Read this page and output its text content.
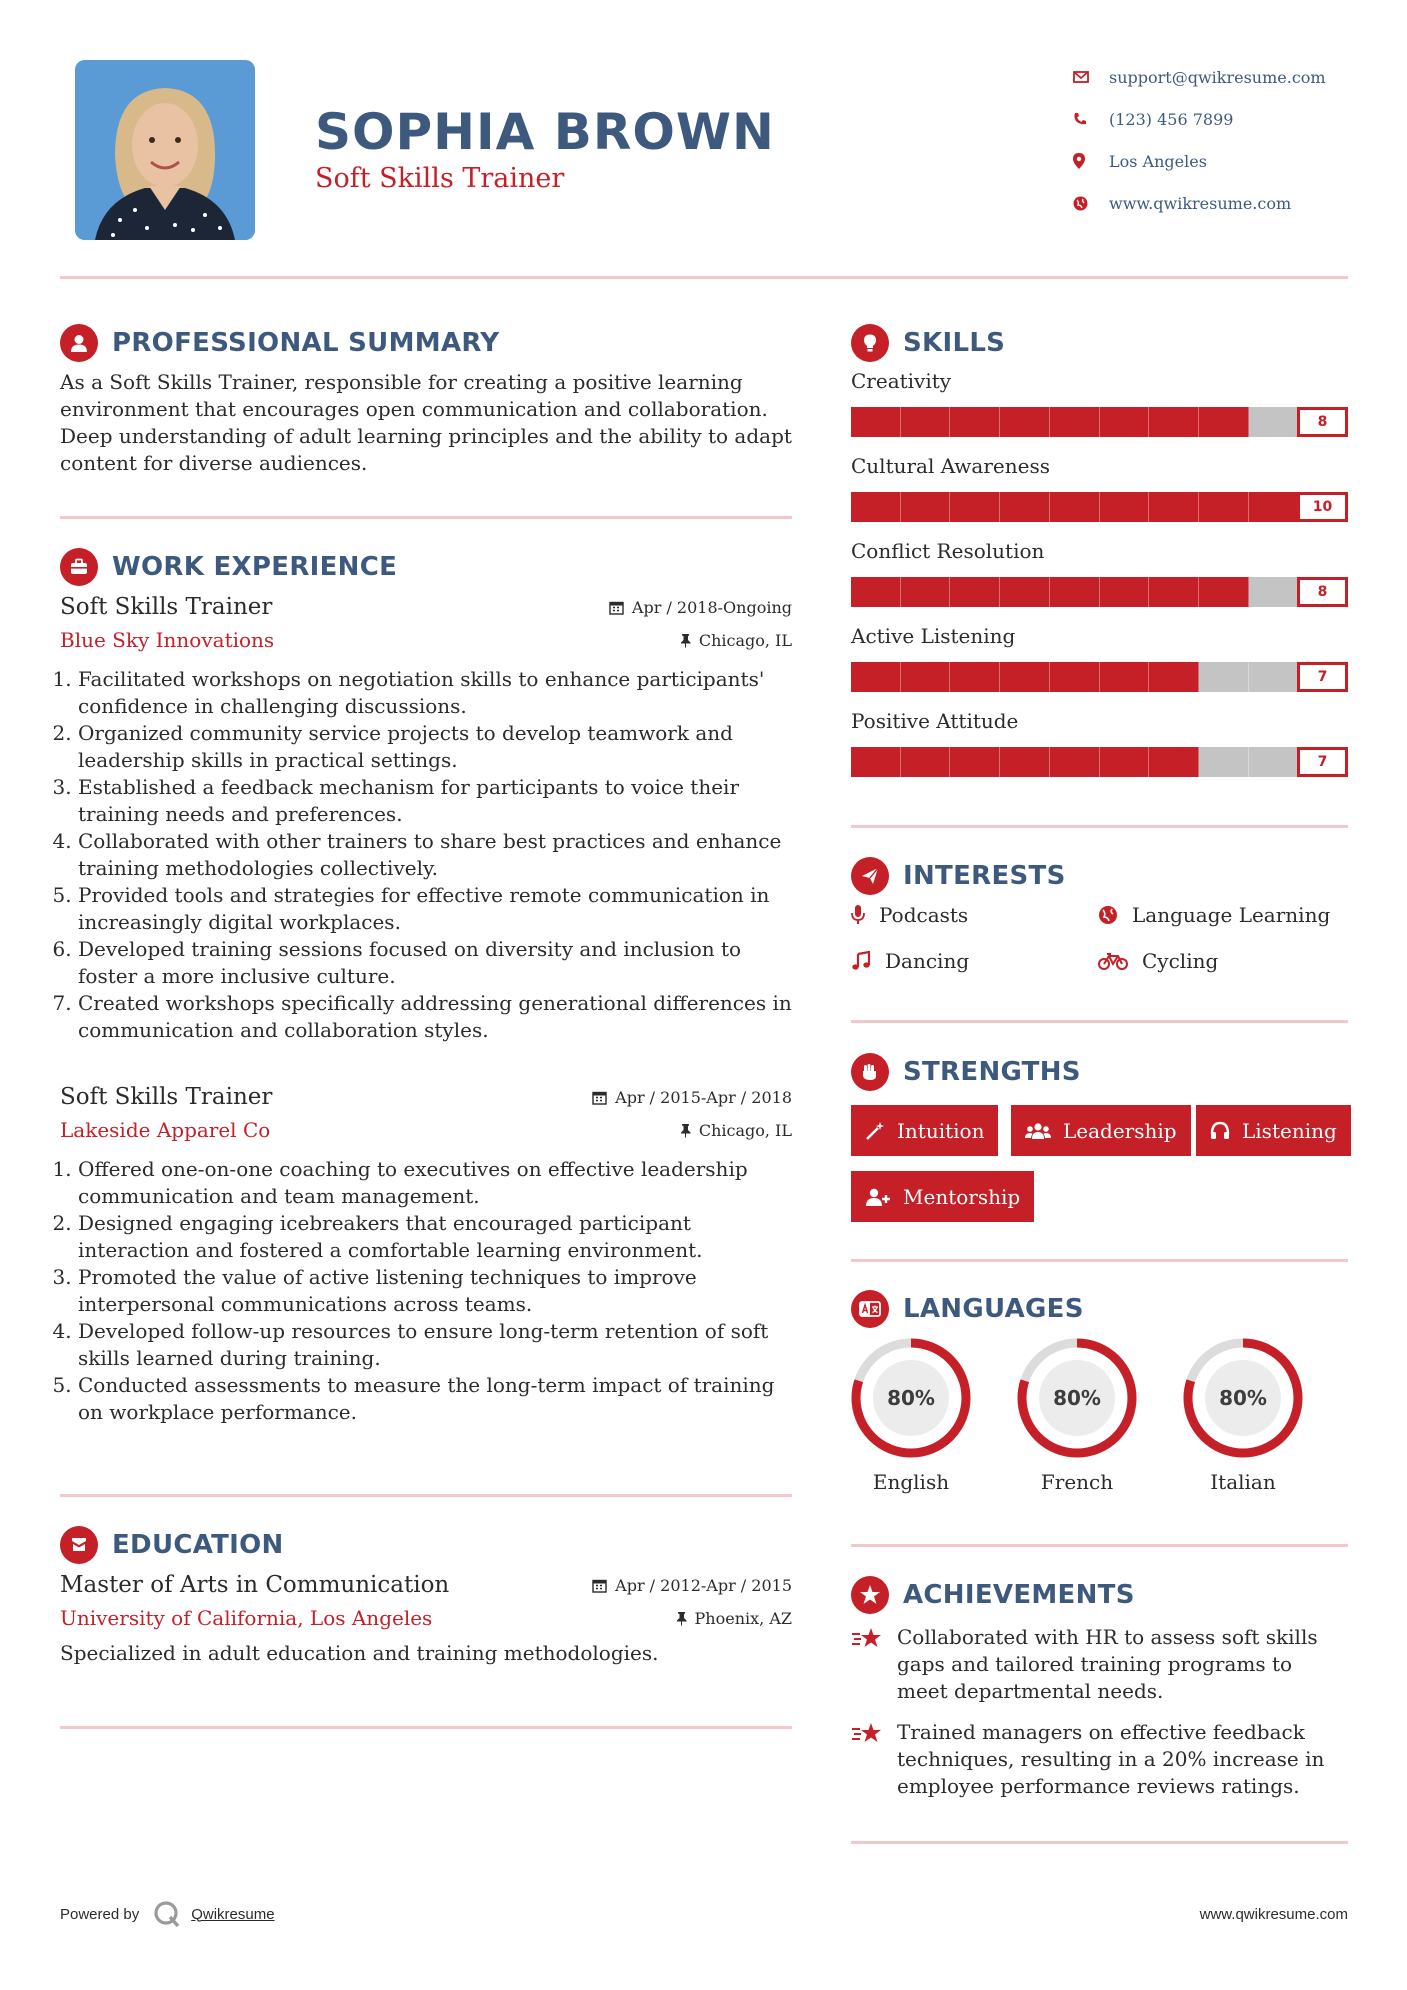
SOPHIA BROWN
Soft Skills Trainer
support@qwikresume.com
(123) 456 7899
Los Angeles
www.qwikresume.com
PROFESSIONAL SUMMARY
As a Soft Skills Trainer, responsible for creating a positive learning environment that encourages open communication and collaboration. Deep understanding of adult learning principles and the ability to adapt content for diverse audiences.
WORK EXPERIENCE
Soft Skills Trainer	Apr / 2018-Ongoing
Blue Sky Innovations	Chicago, IL
1. Facilitated workshops on negotiation skills to enhance participants' confidence in challenging discussions.
2. Organized community service projects to develop teamwork and leadership skills in practical settings.
3. Established a feedback mechanism for participants to voice their training needs and preferences.
4. Collaborated with other trainers to share best practices and enhance training methodologies collectively.
5. Provided tools and strategies for effective remote communication in increasingly digital workplaces.
6. Developed training sessions focused on diversity and inclusion to foster a more inclusive culture.
7. Created workshops specifically addressing generational differences in communication and collaboration styles.
Soft Skills Trainer	Apr / 2015-Apr / 2018
Lakeside Apparel Co	Chicago, IL
1. Offered one-on-one coaching to executives on effective leadership communication and team management.
2. Designed engaging icebreakers that encouraged participant interaction and fostered a comfortable learning environment.
3. Promoted the value of active listening techniques to improve interpersonal communications across teams.
4. Developed follow-up resources to ensure long-term retention of soft skills learned during training.
5. Conducted assessments to measure the long-term impact of training on workplace performance.
EDUCATION
Master of Arts in Communication	Apr / 2012-Apr / 2015
University of California, Los Angeles	Phoenix, AZ
Specialized in adult education and training methodologies.
SKILLS
Creativity
8
Cultural Awareness
10
Conflict Resolution
8
Active Listening
7
Positive Attitude
7
INTERESTS
Podcasts	Language Learning
Dancing	Cycling
STRENGTHS
Intuition	Leadership	Listening
Mentorship
LANGUAGES
80%
English
80%
French
80%
Italian
ACHIEVEMENTS
Collaborated with HR to assess soft skills gaps and tailored training programs to meet departmental needs.
Trained managers on effective feedback techniques, resulting in a 20% increase in employee performance reviews ratings.
Powered by	Qwikresume	www.qwikresume.com
